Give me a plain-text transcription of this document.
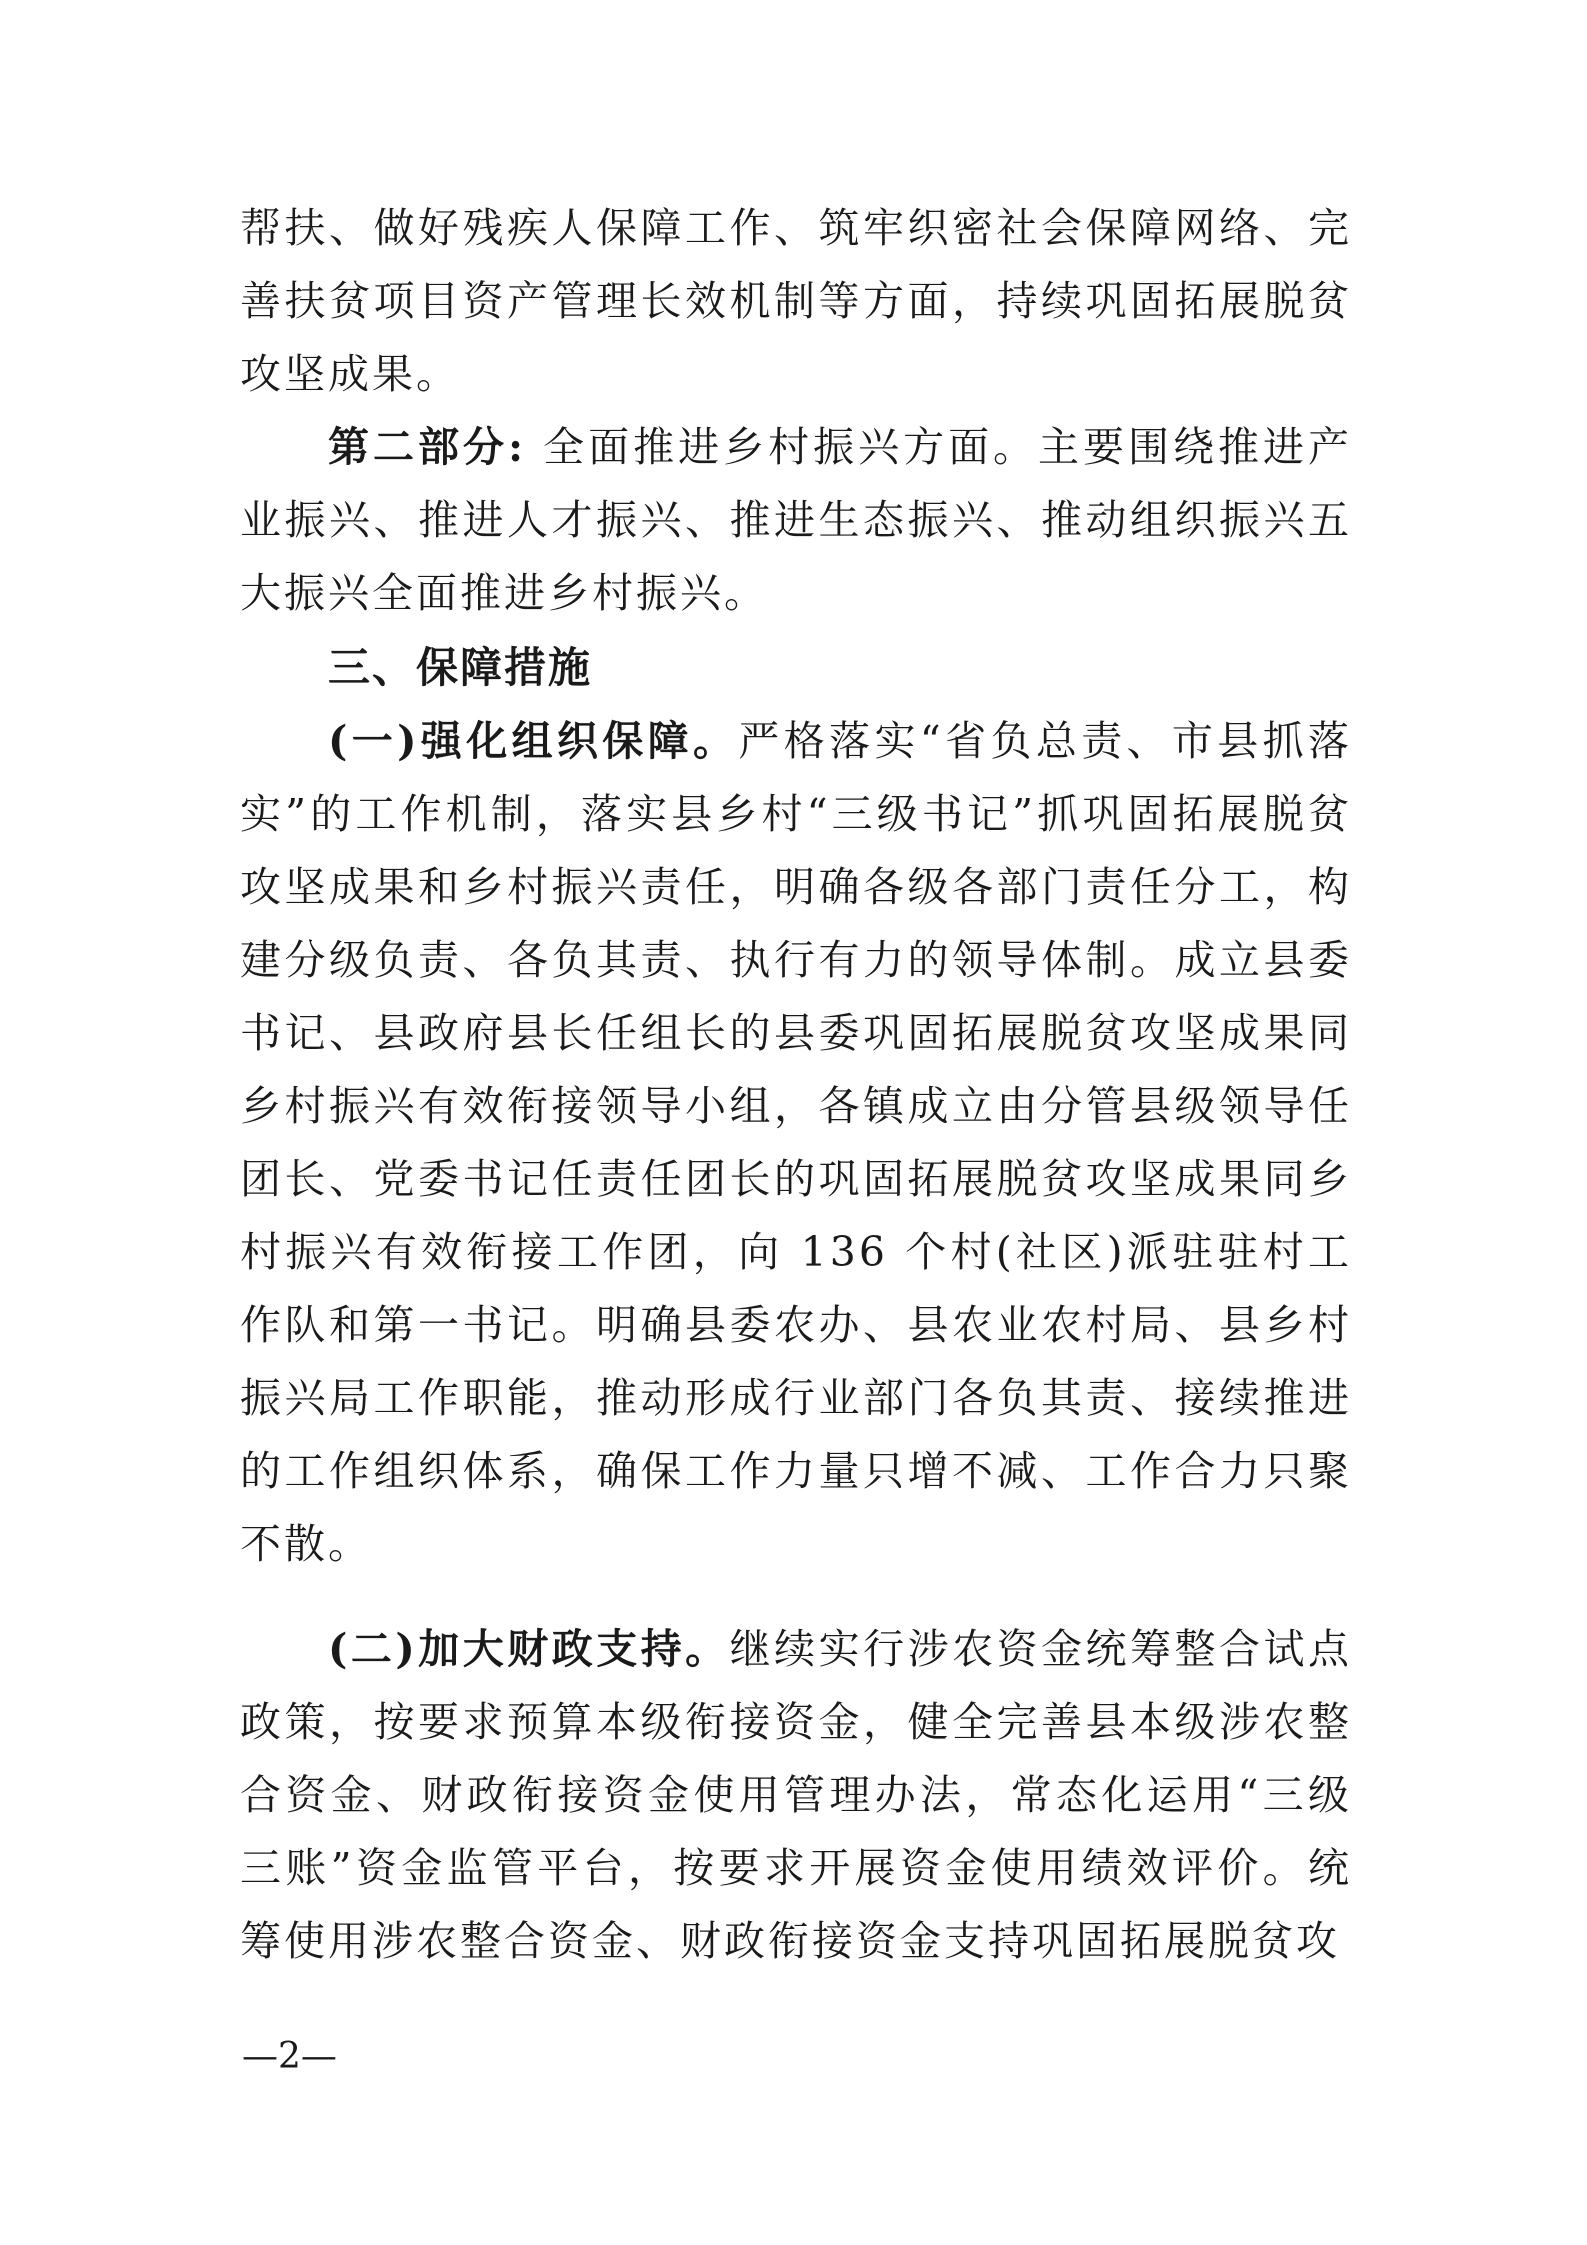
帮扶、做好残疾人保障工作、筑牢织密社会保障网络、完善扶贫项目资产管理长效机制等方面，持续巩固拓展脱贫攻坚成果。

第二部分: 全面推进乡村振兴方面。主要围绕推进产业振兴、推进人才振兴、推进生态振兴、推动组织振兴五大振兴全面推进乡村振兴。

三、保障措施

(一)强化组织保障。严格落实“省负总责、市县抓落实”的工作机制，落实县乡村“三级书记”抓巩固拓展脱贫攻坚成果和乡村振兴责任，明确各级各部门责任分工，构建分级负责、各负其责、执行有力的领导体制。成立县委书记、县政府县长任组长的县委巩固拓展脱贫攻坚成果同乡村振兴有效衔接领导小组，各镇成立由分管县级领导任团长、党委书记任责任团长的巩固拓展脱贫攻坚成果同乡村振兴有效衔接工作团，向 136 个村(社区)派驻驻村工作队和第一书记。明确县委农办、县农业农村局、县乡村振兴局工作职能，推动形成行业部门各负其责、接续推进的工作组织体系，确保工作力量只增不减、工作合力只聚不散。

(二)加大财政支持。继续实行涉农资金统筹整合试点政策，按要求预算本级衔接资金，健全完善县本级涉农整合资金、财政衔接资金使用管理办法，常态化运用“三级三账”资金监管平台，按要求开展资金使用绩效评价。统筹使用涉农整合资金、财政衔接资金支持巩固拓展脱贫攻

—2—
